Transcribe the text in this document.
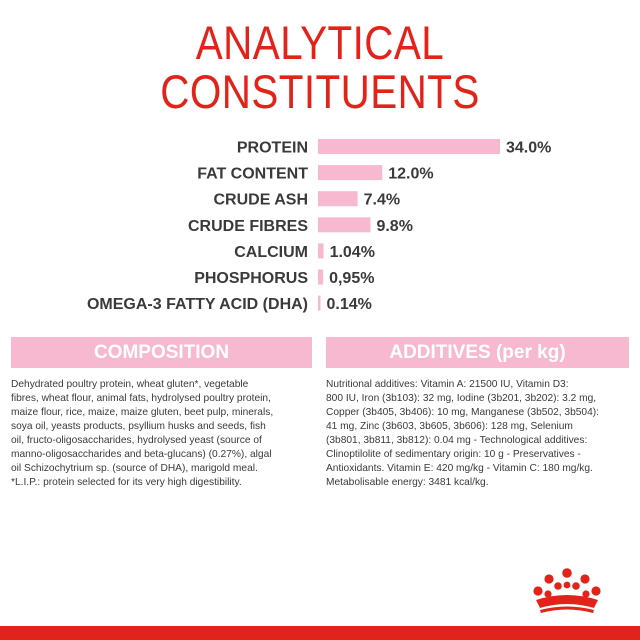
ANALYTICAL
CONSTITUENTS
PROTEIN	34.0%
FAT CONTENT	12.0%
CRUDE ASH	7.4%
CRUDE FIBRES	9.8%
CALCIUM 1.04%
PHOSPHORUS 0,95%
OMEGA-3 FATTY ACID (DHA) 0.14%
COMPOSITION	ADDITIVES (per kg)
Dehydrated poultry protein, wheat gluten*, vegetable
fibres, wheat flour, animal fats, hydrolysed poultry protein,
maize flour, rice, maize, maize gluten, beet pulp, minerals,
soya oil, yeasts products, psyllium husks and seeds, fish
oil, fructo-oligosaccharides, hydrolysed yeast (source of
manno-oligosaccharides and beta-glucans) (0.27%), algal
oil Schizochytrium sp. (source of DHA), marigold meal.
*L.I.P.: protein selected for its very high digestibility.
Nutritional additives: Vitamin A: 21500 IU, Vitamin D3:
800 IU, Iron (3b103): 32 mg, Iodine (3b201, 3b202): 3.2 mg,
Copper (3b405, 3b406): 10 mg, Manganese (3b502, 3b504):
41 mg, Zinc (3b603, 3b605, 3b606): 128 mg, Selenium
(3b801, 3b811, 3b812): 0.04 mg - Technological additives:
Clinoptilolite of sedimentary origin: 10 g - Preservatives -
Antioxidants. Vitamin E: 420 mg/kg - Vitamin C: 180 mg/kg.
Metabolisable energy: 3481 kcal/kg.
